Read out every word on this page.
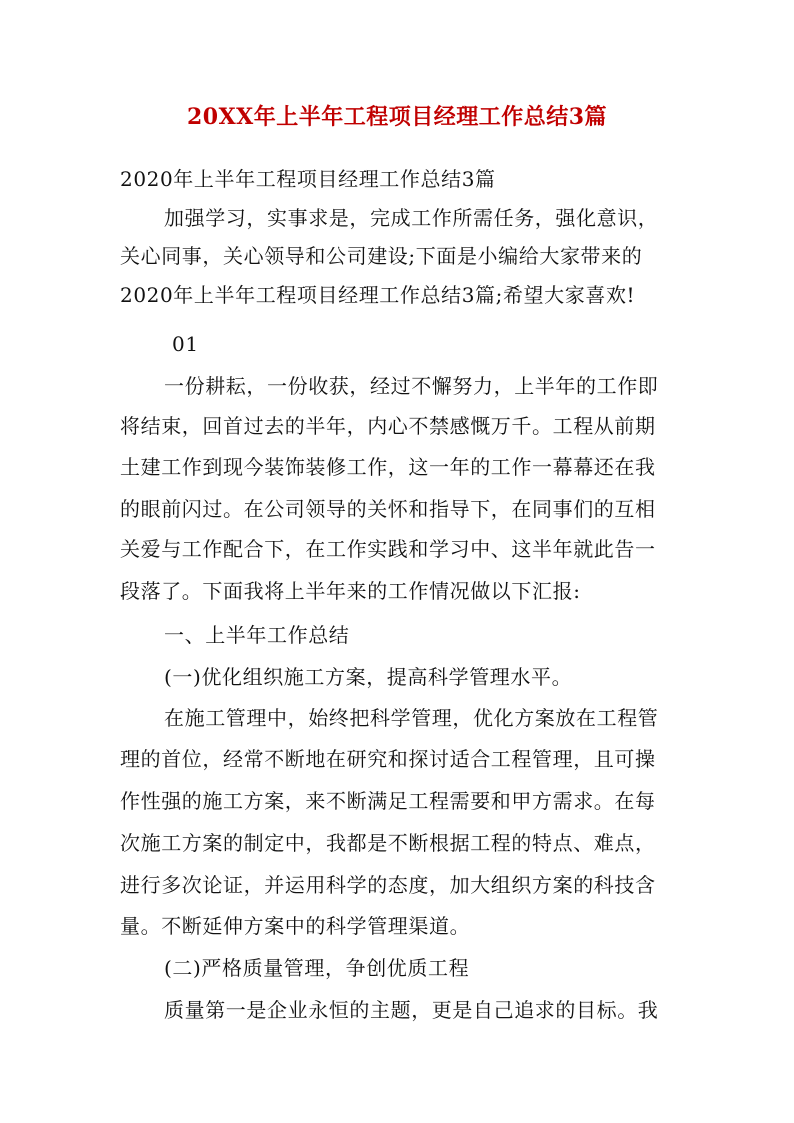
20XX年上半年工程项目经理工作总结3篇
2020年上半年工程项目经理工作总结3篇
加强学习，实事求是，完成工作所需任务，强化意识，
关心同事，关心领导和公司建设;下面是小编给大家带来的
2020年上半年工程项目经理工作总结3篇;希望大家喜欢!
01
一份耕耘，一份收获，经过不懈努力，上半年的工作即
将结束，回首过去的半年，内心不禁感慨万千。工程从前期
土建工作到现今装饰装修工作，这一年的工作一幕幕还在我
的眼前闪过。在公司领导的关怀和指导下，在同事们的互相
关爱与工作配合下，在工作实践和学习中、这半年就此告一
段落了。下面我将上半年来的工作情况做以下汇报:
一、上半年工作总结
(一)优化组织施工方案，提高科学管理水平。
在施工管理中，始终把科学管理，优化方案放在工程管
理的首位，经常不断地在研究和探讨适合工程管理，且可操
作性强的施工方案，来不断满足工程需要和甲方需求。在每
次施工方案的制定中，我都是不断根据工程的特点、难点，
进行多次论证，并运用科学的态度，加大组织方案的科技含
量。不断延伸方案中的科学管理渠道。
(二)严格质量管理，争创优质工程
质量第一是企业永恒的主题，更是自己追求的目标。我
